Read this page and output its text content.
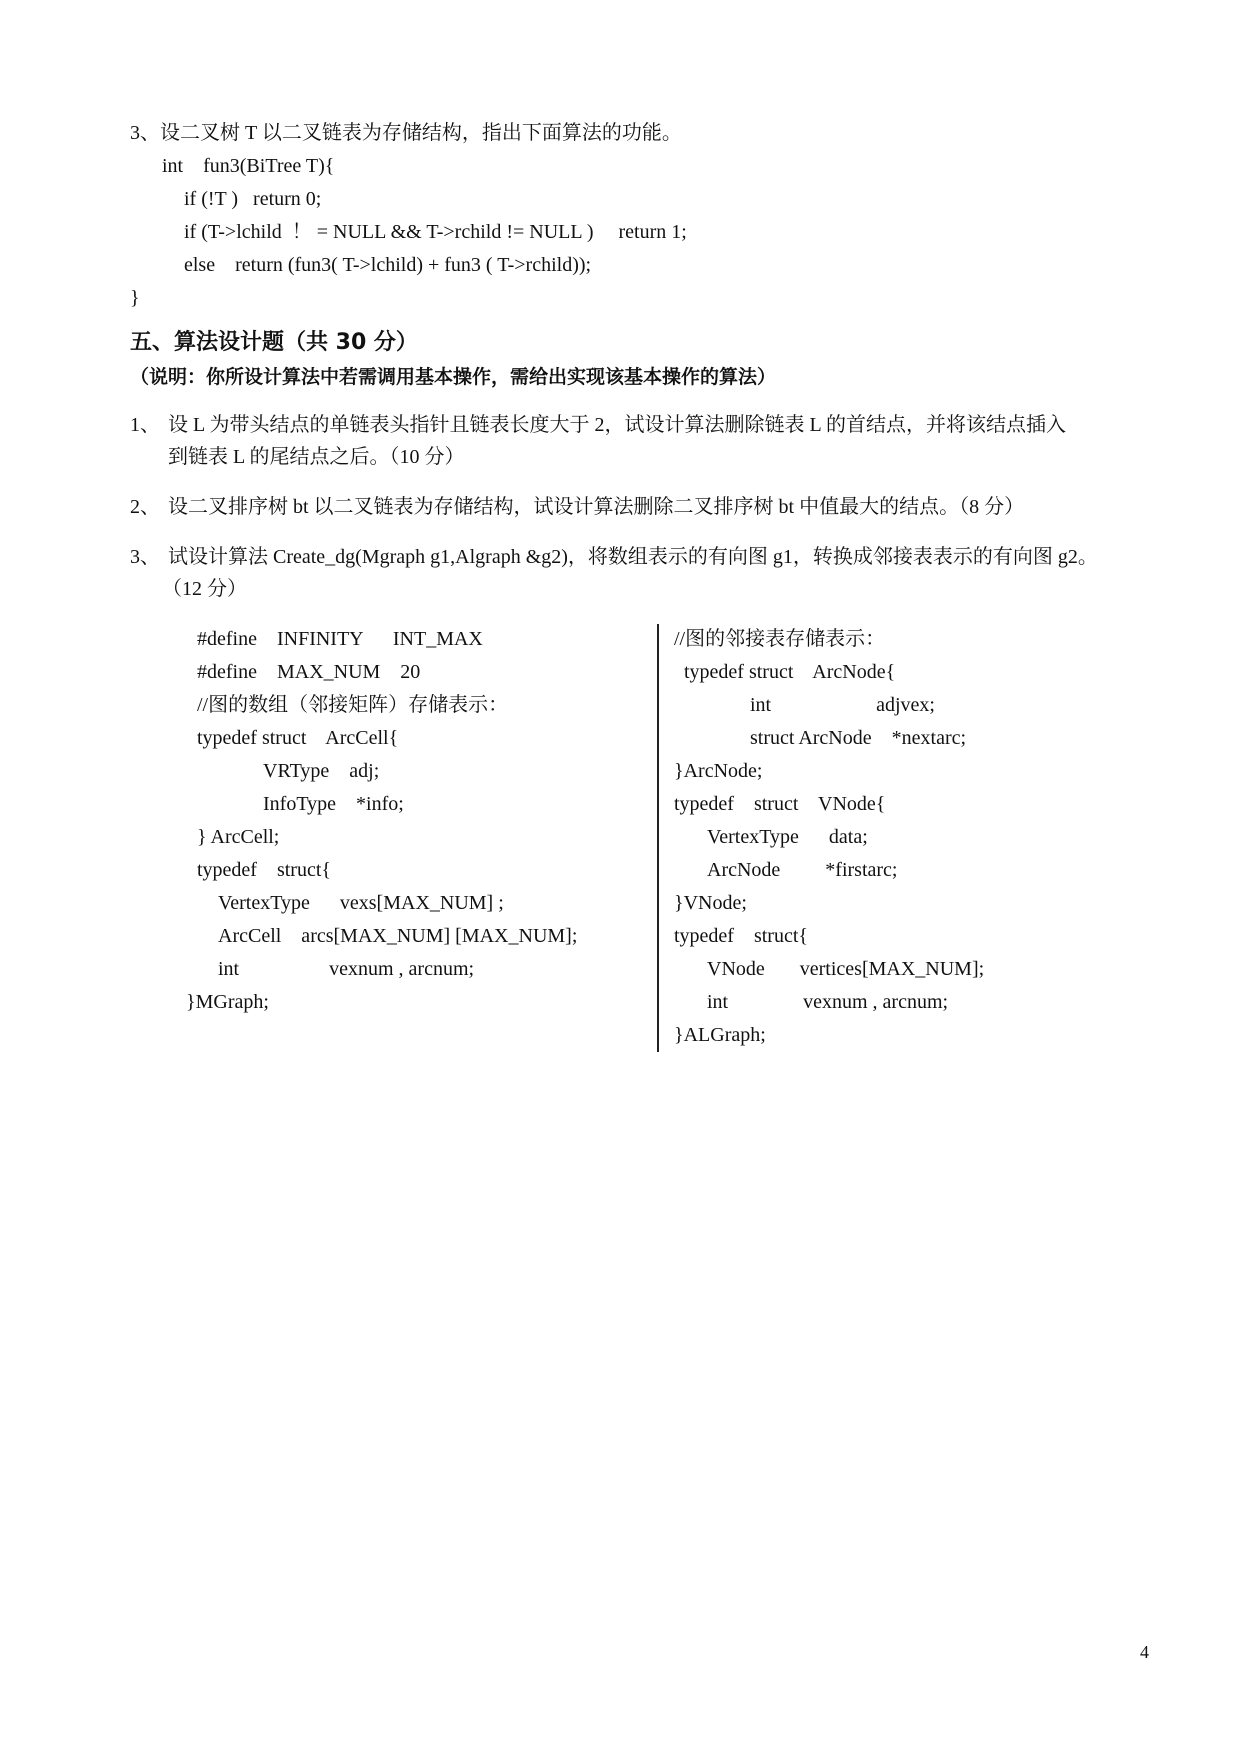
3、设二叉树 T 以二叉链表为存储结构，指出下面算法的功能。
int    fun3(BiTree T){
if (!T )   return 0;
if (T->lchild  ！ = NULL && T->rchild != NULL )     return 1;
else    return (fun3( T->lchild) + fun3 ( T->rchild));
}
五、算法设计题（共 30 分）
（说明：你所设计算法中若需调用基本操作，需给出实现该基本操作的算法）
1、 设 L 为带头结点的单链表头指针且链表长度大于 2，试设计算法删除链表 L 的首结点，并将该结点插入
到链表 L 的尾结点之后。（10 分）
2、 设二叉排序树 bt 以二叉链表为存储结构，试设计算法删除二叉排序树 bt 中值最大的结点。（8 分）
3、 试设计算法 Create_dg(Mgraph g1,Algraph &g2)，将数组表示的有向图 g1，转换成邻接表表示的有向图 g2。
（12 分）
#define    INFINITY      INT_MAX
#define    MAX_NUM    20
//图的数组（邻接矩阵）存储表示：
typedef struct    ArcCell{
VRType    adj;
InfoType    *info;
} ArcCell;
typedef    struct{
VertexType      vexs[MAX_NUM] ;
ArcCell    arcs[MAX_NUM] [MAX_NUM];
int                  vexnum , arcnum;
}MGraph;
//图的邻接表存储表示：
typedef struct    ArcNode{
int                     adjvex;
struct ArcNode    *nextarc;
}ArcNode;
typedef    struct    VNode{
VertexType      data;
ArcNode         *firstarc;
}VNode;
typedef    struct{
VNode       vertices[MAX_NUM];
int               vexnum , arcnum;
}ALGraph;
4
